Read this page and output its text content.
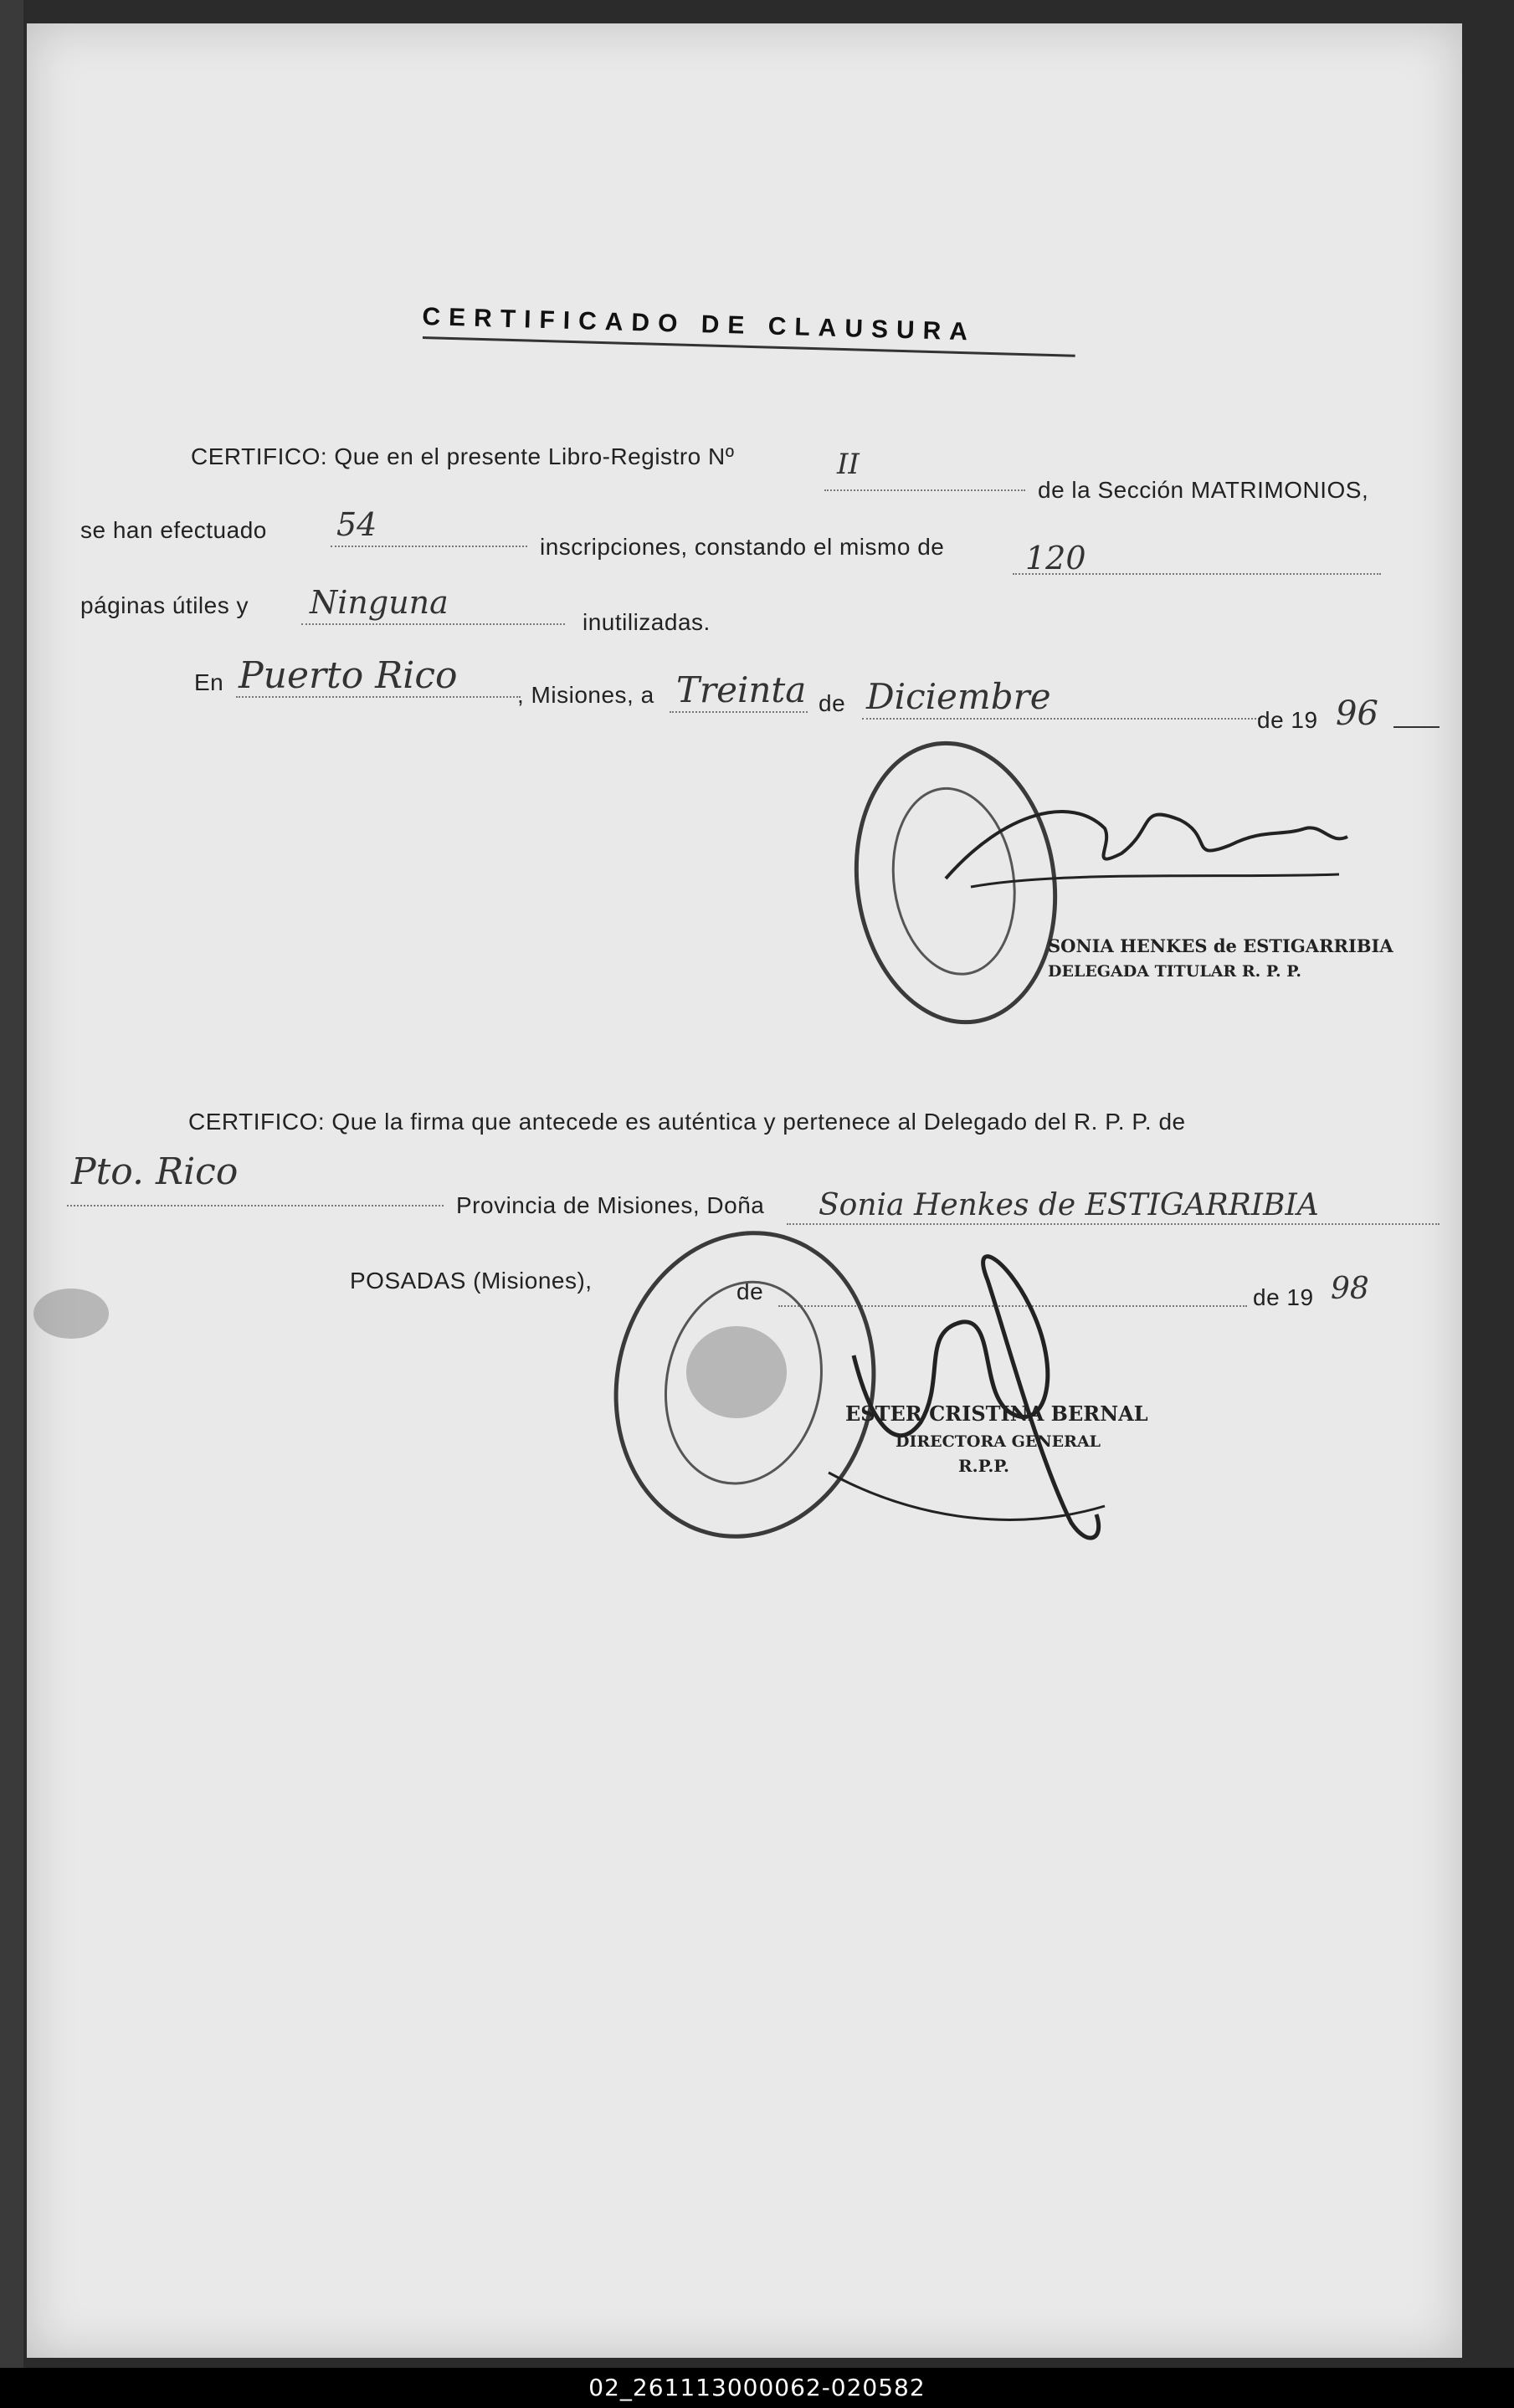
CERTIFICADO DE CLAUSURA
CERTIFICO: Que en el presente Libro-Registro Nº	II
de la Sección MATRIMONIOS,
se han efectuado 54
inscripciones, constando el mismo de	120
páginas útiles y Ninguna
inutilizadas.
En Puerto Rico	, Misiones, a Treinta de Diciembre
de 19 96
SONIA HENKES de ESTIGARRIBIA
DELEGADA TITULAR R. P. P.
CERTIFICO: Que la firma que antecede es auténtica y pertenece al Delegado del R. P. P. de
Pto. Rico
Provincia de Misiones, Doña Sonia Henkes de ESTIGARRIBIA
POSADAS (Misiones),	de	de 19 98
ESTER CRISTINA BERNAL
DIRECTORA GENERAL
R.P.P.
02_261113000062-020582
